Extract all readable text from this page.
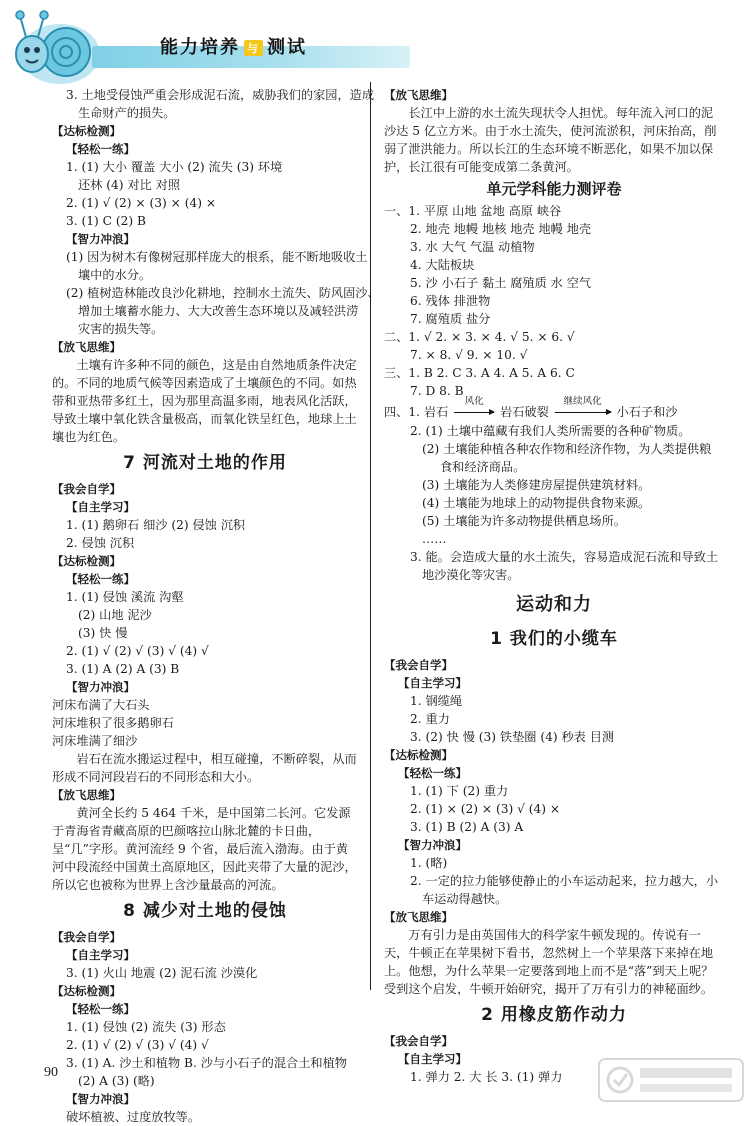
能力培养 与 测试
3. 土地受侵蚀严重会形成泥石流，威胁我们的家园，造成
生命财产的损失。
【达标检测】
【轻松一练】
1. (1) 大小 覆盖 大小 (2) 流失 (3) 环境
还林 (4) 对比 对照
2. (1) √ (2) × (3) × (4) ×
3. (1) C (2) B
【智力冲浪】
(1) 因为树木有像树冠那样庞大的根系，能不断地吸收土
壤中的水分。
(2) 植树造林能改良沙化耕地，控制水土流失、防风固沙、
增加土壤蓄水能力、大大改善生态环境以及减轻洪涝
灾害的损失等。
【放飞思维】
土壤有许多种不同的颜色，这是由自然地质条件决定的。不同的地质气候等因素造成了土壤颜色的不同。如热带和亚热带多红土，因为那里高温多雨，地表风化活跃，导致土壤中氧化铁含量极高，而氧化铁呈红色，地球上土壤也为红色。
7 河流对土地的作用
【我会自学】
【自主学习】
1. (1) 鹅卵石 细沙 (2) 侵蚀 沉积
2. 侵蚀 沉积
【达标检测】
【轻松一练】
1. (1) 侵蚀 溪流 沟壑
(2) 山地 泥沙
(3) 快 慢
2. (1) √ (2) √ (3) √ (4) √
3. (1) A (2) A (3) B
【智力冲浪】
河床布满了大石头
河床堆积了很多鹅卵石
河床堆满了细沙
岩石在流水搬运过程中，相互碰撞，不断碎裂，从而形成不同河段岩石的不同形态和大小。
【放飞思维】
黄河全长约 5 464 千米，是中国第二长河。它发源于青海省青藏高原的巴颜喀拉山脉北麓的卡日曲，呈“几”字形。黄河流经 9 个省，最后流入渤海。由于黄河中段流经中国黄土高原地区，因此夹带了大量的泥沙，所以它也被称为世界上含沙量最高的河流。
8 减少对土地的侵蚀
【我会自学】
【自主学习】
3. (1) 火山 地震 (2) 泥石流 沙漠化
【达标检测】
【轻松一练】
1. (1) 侵蚀 (2) 流失 (3) 形态
2. (1) √ (2) √ (3) √ (4) √
3. (1) A. 沙土和植物 B. 沙与小石子的混合土和植物
(2) A (3) (略)
【智力冲浪】
破坏植被、过度放牧等。
【放飞思维】
长江中上游的水土流失现状令人担忧。每年流入河口的泥沙达 5 亿立方米。由于水土流失，使河流淤积，河床抬高，削弱了泄洪能力。所以长江的生态环境不断恶化，如果不加以保护，长江很有可能变成第二条黄河。
单元学科能力测评卷
一、1. 平原 山地 盆地 高原 峡谷
2. 地壳 地幔 地核 地壳 地幔 地壳
3. 水 大气 气温 动植物
4. 大陆板块
5. 沙 小石子 黏土 腐殖质 水 空气
6. 残体 排泄物
7. 腐殖质 盐分
二、1. √ 2. × 3. × 4. √ 5. × 6. √
7. × 8. √ 9. × 10. √
三、1. B 2. C 3. A 4. A 5. A 6. C
7. D 8. B
四、1. 岩石
风化
岩石破裂
继续风化
小石子和沙
2. (1) 土壤中蕴藏有我们人类所需要的各种矿物质。
(2) 土壤能种植各种农作物和经济作物，为人类提供粮
食和经济商品。
(3) 土壤能为人类修建房屋提供建筑材料。
(4) 土壤能为地球上的动物提供食物来源。
(5) 土壤能为许多动物提供栖息场所。
……
3. 能。会造成大量的水土流失，容易造成泥石流和导致土
地沙漠化等灾害。
运动和力
1 我们的小缆车
【我会自学】
【自主学习】
1. 钢缆绳
2. 重力
3. (2) 快 慢 (3) 铁垫圈 (4) 秒表 目测
【达标检测】
【轻松一练】
1. (1) 下 (2) 重力
2. (1) × (2) × (3) √ (4) ×
3. (1) B (2) A (3) A
【智力冲浪】
1. (略)
2. 一定的拉力能够使静止的小车运动起来，拉力越大，小
车运动得越快。
【放飞思维】
万有引力是由英国伟大的科学家牛顿发现的。传说有一天，牛顿正在苹果树下看书，忽然树上一个苹果落下来掉在地上。他想，为什么苹果一定要落到地上而不是“落”到天上呢？受到这个启发，牛顿开始研究，揭开了万有引力的神秘面纱。
2 用橡皮筋作动力
【我会自学】
【自主学习】
1. 弹力 2. 大 长 3. (1) 弹力
90
